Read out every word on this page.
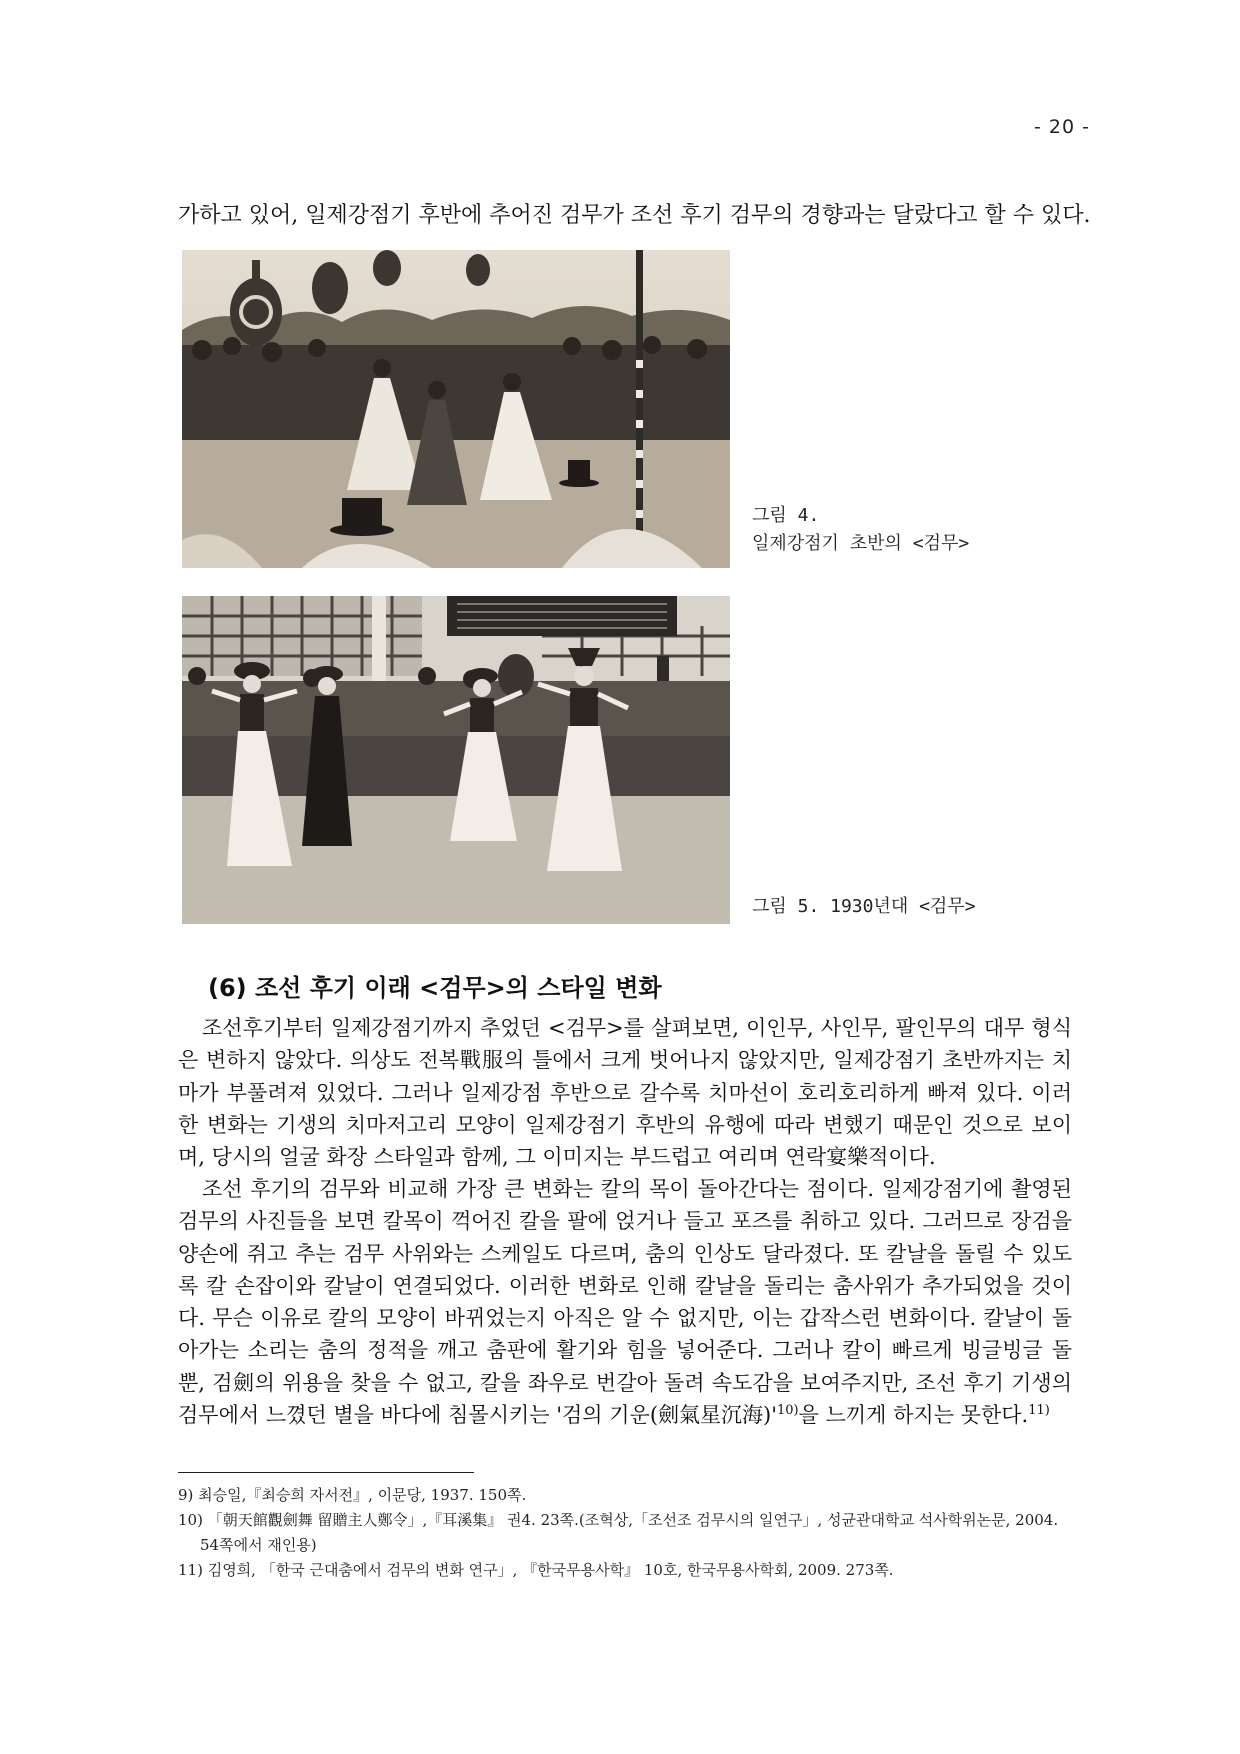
- 20 -
가하고 있어, 일제강점기 후반에 추어진 검무가 조선 후기 검무의 경향과는 달랐다고 할 수 있다.
그림 4.
일제강점기 초반의 <검무>
그림 5. 1930년대 <검무>
(6) 조선 후기 이래 <검무>의 스타일 변화

조선후기부터 일제강점기까지 추었던 <검무>를 살펴보면, 이인무, 사인무, 팔인무의 대무 형식은 변하지 않았다. 의상도 전복戰服의 틀에서 크게 벗어나지 않았지만, 일제강점기 초반까지는 치마가 부풀려져 있었다. 그러나 일제강점 후반으로 갈수록 치마선이 호리호리하게 빠져 있다. 이러한 변화는 기생의 치마저고리 모양이 일제강점기 후반의 유행에 따라 변했기 때문인 것으로 보이며, 당시의 얼굴 화장 스타일과 함께, 그 이미지는 부드럽고 여리며 연락宴樂적이다.

조선 후기의 검무와 비교해 가장 큰 변화는 칼의 목이 돌아간다는 점이다. 일제강점기에 촬영된 검무의 사진들을 보면 칼목이 꺽어진 칼을 팔에 얹거나 들고 포즈를 취하고 있다. 그러므로 장검을 양손에 쥐고 추는 검무 사위와는 스케일도 다르며, 춤의 인상도 달라졌다. 또 칼날을 돌릴 수 있도록 칼 손잡이와 칼날이 연결되었다. 이러한 변화로 인해 칼날을 돌리는 춤사위가 추가되었을 것이다. 무슨 이유로 칼의 모양이 바뀌었는지 아직은 알 수 없지만, 이는 갑작스런 변화이다. 칼날이 돌아가는 소리는 춤의 정적을 깨고 춤판에 활기와 힘을 넣어준다. 그러나 칼이 빠르게 빙글빙글 돌 뿐, 검劍의 위용을 찾을 수 없고, 칼을 좌우로 번갈아 돌려 속도감을 보여주지만, 조선 후기 기생의 검무에서 느꼈던 별을 바다에 침몰시키는 '검의 기운(劍氣星沉海)'$^{10)}$을 느끼게 하지는 못한다.$^{11)}$

9) 최승일,『최승희 자서전』, 이문당, 1937. 150쪽.

10) 「朝天館觀劍舞 留贈主人鄭令」,『耳溪集』 권4. 23쪽.(조혁상,「조선조 검무시의 일연구」, 성균관대학교 석사학위논문, 2004. 54쪽에서 재인용)

11) 김영희, 「한국 근대춤에서 검무의 변화 연구」, 『한국무용사학』 10호, 한국무용사학회, 2009. 273쪽.
